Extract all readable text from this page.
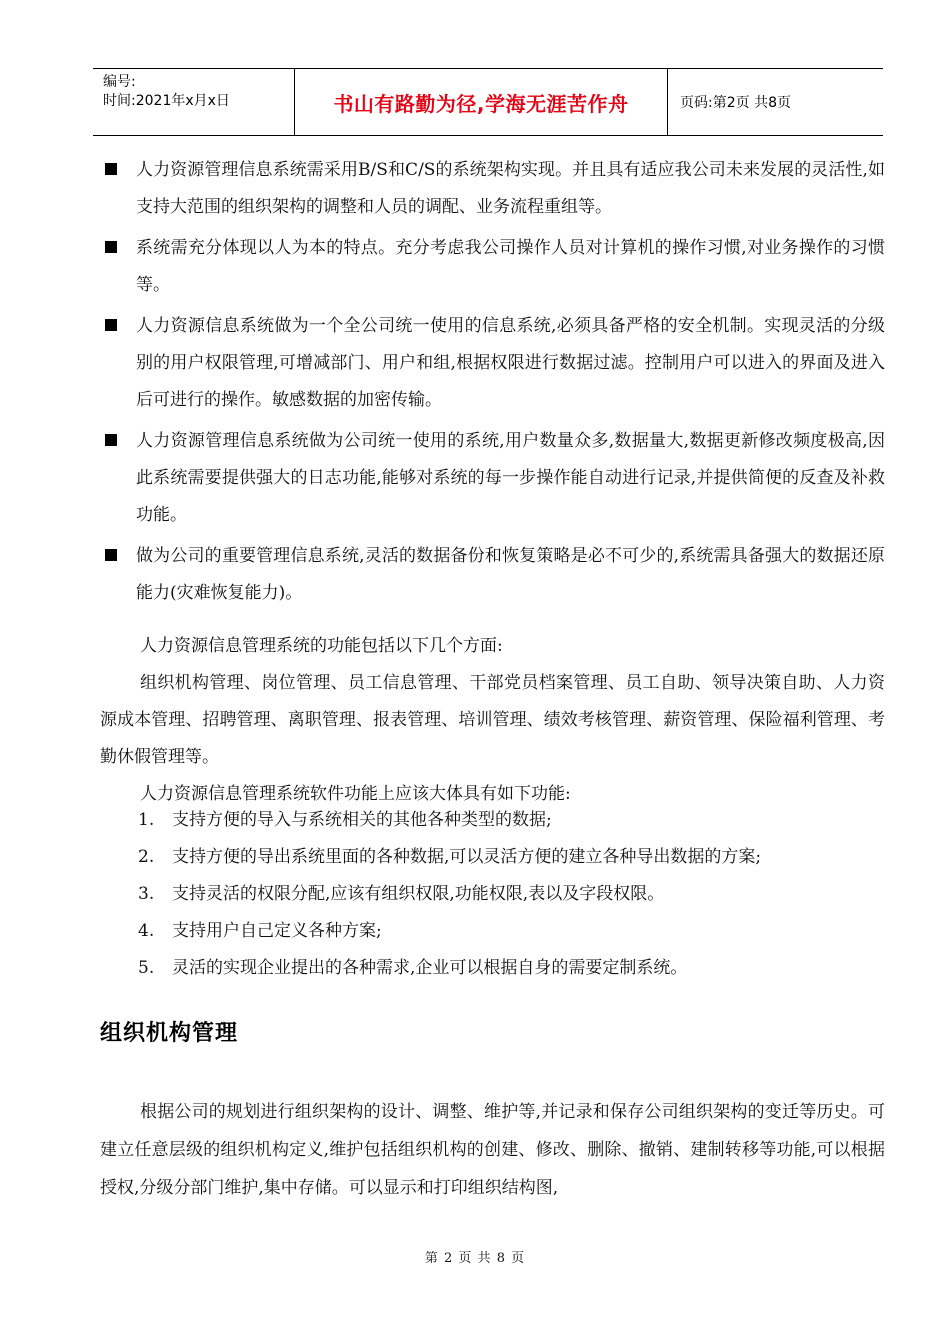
编号:
时间:2021年x月x日	书山有路勤为径,学海无涯苦作舟	页码:第2页 共8页
人力资源管理信息系统需采用B/S和C/S的系统架构实现。并且具有适应我公司未来发展的灵活性,如支持大范围的组织架构的调整和人员的调配、业务流程重组等。
系统需充分体现以人为本的特点。充分考虑我公司操作人员对计算机的操作习惯,对业务操作的习惯等。
人力资源信息系统做为一个全公司统一使用的信息系统,必须具备严格的安全机制。实现灵活的分级别的用户权限管理,可增减部门、用户和组,根据权限进行数据过滤。控制用户可以进入的界面及进入后可进行的操作。敏感数据的加密传输。
人力资源管理信息系统做为公司统一使用的系统,用户数量众多,数据量大,数据更新修改频度极高,因此系统需要提供强大的日志功能,能够对系统的每一步操作能自动进行记录,并提供简便的反查及补救功能。
做为公司的重要管理信息系统,灵活的数据备份和恢复策略是必不可少的,系统需具备强大的数据还原能力(灾难恢复能力)。
人力资源信息管理系统的功能包括以下几个方面:
组织机构管理、岗位管理、员工信息管理、干部党员档案管理、员工自助、领导决策自助、人力资源成本管理、招聘管理、离职管理、报表管理、培训管理、绩效考核管理、薪资管理、保险福利管理、考勤休假管理等。
人力资源信息管理系统软件功能上应该大体具有如下功能:
1.	支持方便的导入与系统相关的其他各种类型的数据;
2.	支持方便的导出系统里面的各种数据,可以灵活方便的建立各种导出数据的方案;
3.	支持灵活的权限分配,应该有组织权限,功能权限,表以及字段权限。
4.	支持用户自己定义各种方案;
5.	灵活的实现企业提出的各种需求,企业可以根据自身的需要定制系统。
组织机构管理
根据公司的规划进行组织架构的设计、调整、维护等,并记录和保存公司组织架构的变迁等历史。可建立任意层级的组织机构定义,维护包括组织机构的创建、修改、删除、撤销、建制转移等功能,可以根据授权,分级分部门维护,集中存储。可以显示和打印组织结构图,
第 2 页 共 8 页
